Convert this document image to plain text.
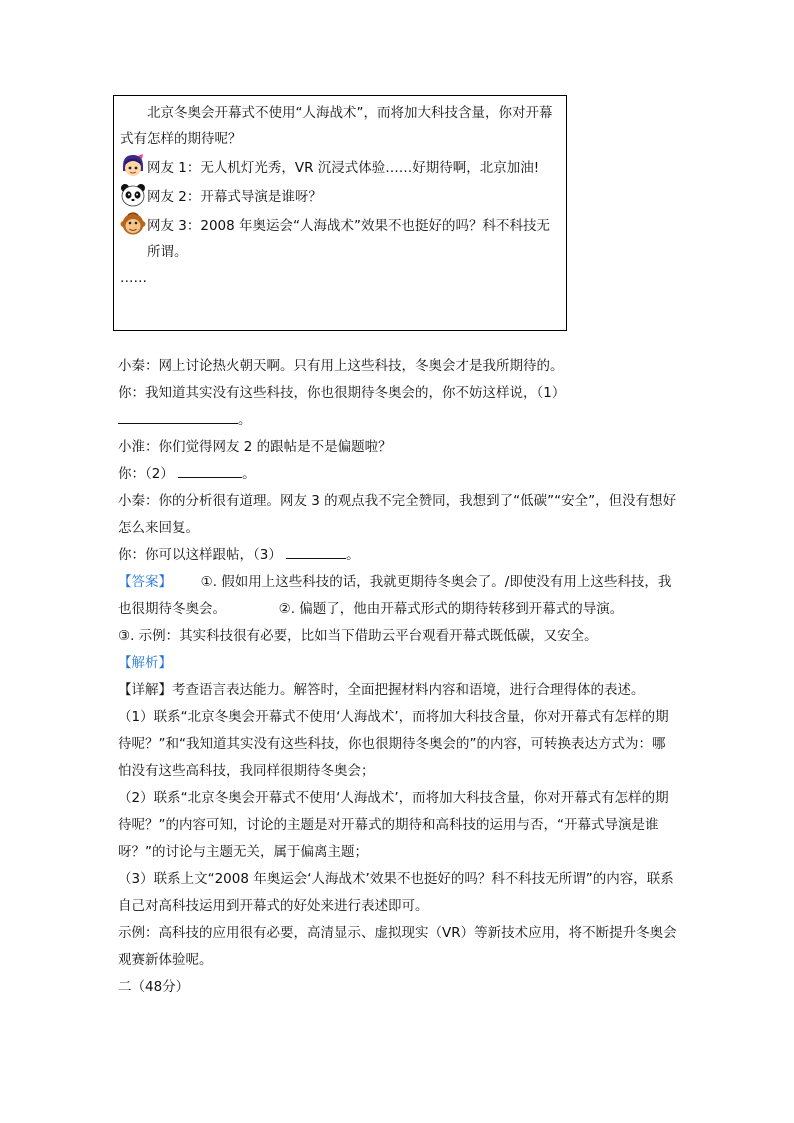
北京冬奥会开幕式不使用“人海战术”，而将加大科技含量，你对开幕式有怎样的期待呢？
网友 1：无人机灯光秀，VR 沉浸式体验……好期待啊，北京加油!
网友 2：开幕式导演是谁呀？
网友 3：2008 年奥运会“人海战术”效果不也挺好的吗？科不科技无所谓。
……
小秦：网上讨论热火朝天啊。只有用上这些科技，冬奥会才是我所期待的。
你：我知道其实没有这些科技，你也很期待冬奥会的，你不妨这样说，（1）
。
小淮：你们觉得网友 2 的跟帖是不是偏题啦？
你：（2）	。
小秦：你的分析很有道理。网友 3 的观点我不完全赞同，我想到了“低碳”“安全”，但没有想好怎么来回复。
你：你可以这样跟帖，（3）	。
【答案】 ①. 假如用上这些科技的话，我就更期待冬奥会了。/即使没有用上这些科技，我也很期待冬奥会。	②. 偏题了，他由开幕式形式的期待转移到开幕式的导演。
③. 示例：其实科技很有必要，比如当下借助云平台观看开幕式既低碳，又安全。
【解析】
【详解】考查语言表达能力。解答时，全面把握材料内容和语境，进行合理得体的表述。
（1）联系“北京冬奥会开幕式不使用‘人海战术’，而将加大科技含量，你对开幕式有怎样的期待呢？”和“我知道其实没有这些科技，你也很期待冬奥会的”的内容，可转换表达方式为：哪怕没有这些高科技，我同样很期待冬奥会；
（2）联系“北京冬奥会开幕式不使用‘人海战术’，而将加大科技含量，你对开幕式有怎样的期待呢？”的内容可知，讨论的主题是对开幕式的期待和高科技的运用与否，“开幕式导演是谁呀？”的讨论与主题无关，属于偏离主题；
（3）联系上文“2008 年奥运会‘人海战术’效果不也挺好的吗？科不科技无所谓”的内容，联系自己对高科技运用到开幕式的好处来进行表述即可。
示例：高科技的应用很有必要，高清显示、虚拟现实（VR）等新技术应用，将不断提升冬奥会观赛新体验呢。
二（48分）
